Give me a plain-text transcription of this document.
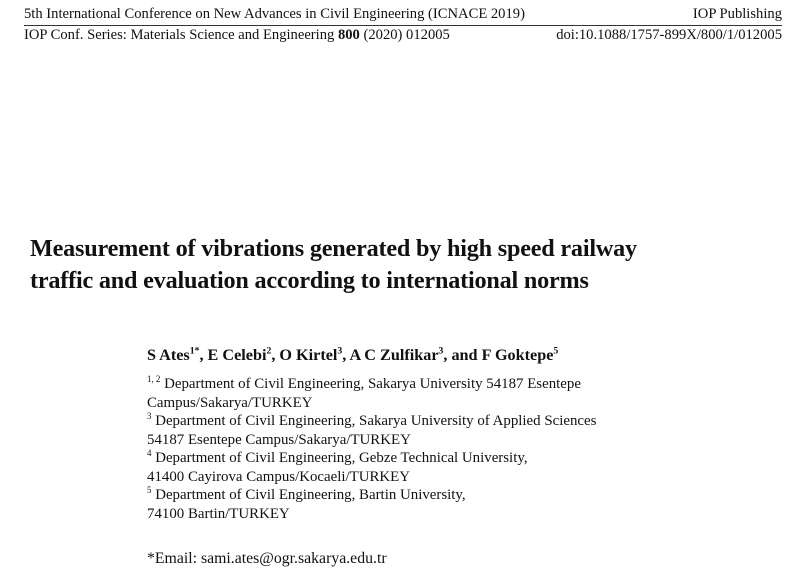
5th International Conference on New Advances in Civil Engineering (ICNACE 2019)	IOP Publishing
IOP Conf. Series: Materials Science and Engineering 800 (2020) 012005	doi:10.1088/1757-899X/800/1/012005
Measurement of vibrations generated by high speed railway
traffic and evaluation according to international norms
S Ates$^{1*}$, E Celebi$^2$, O Kirtel$^3$, A C Zulfikar$^3$, and F Goktepe$^5$
$^{1, 2}$ Department of Civil Engineering, Sakarya University 54187 Esentepe
Campus/Sakarya/TURKEY
$^3$ Department of Civil Engineering, Sakarya University of Applied Sciences
54187 Esentepe Campus/Sakarya/TURKEY
$^4$ Department of Civil Engineering, Gebze Technical University,
41400 Cayirova Campus/Kocaeli/TURKEY
$^5$ Department of Civil Engineering, Bartin University,
74100 Bartin/TURKEY
*Email: sami.ates@ogr.sakarya.edu.tr
